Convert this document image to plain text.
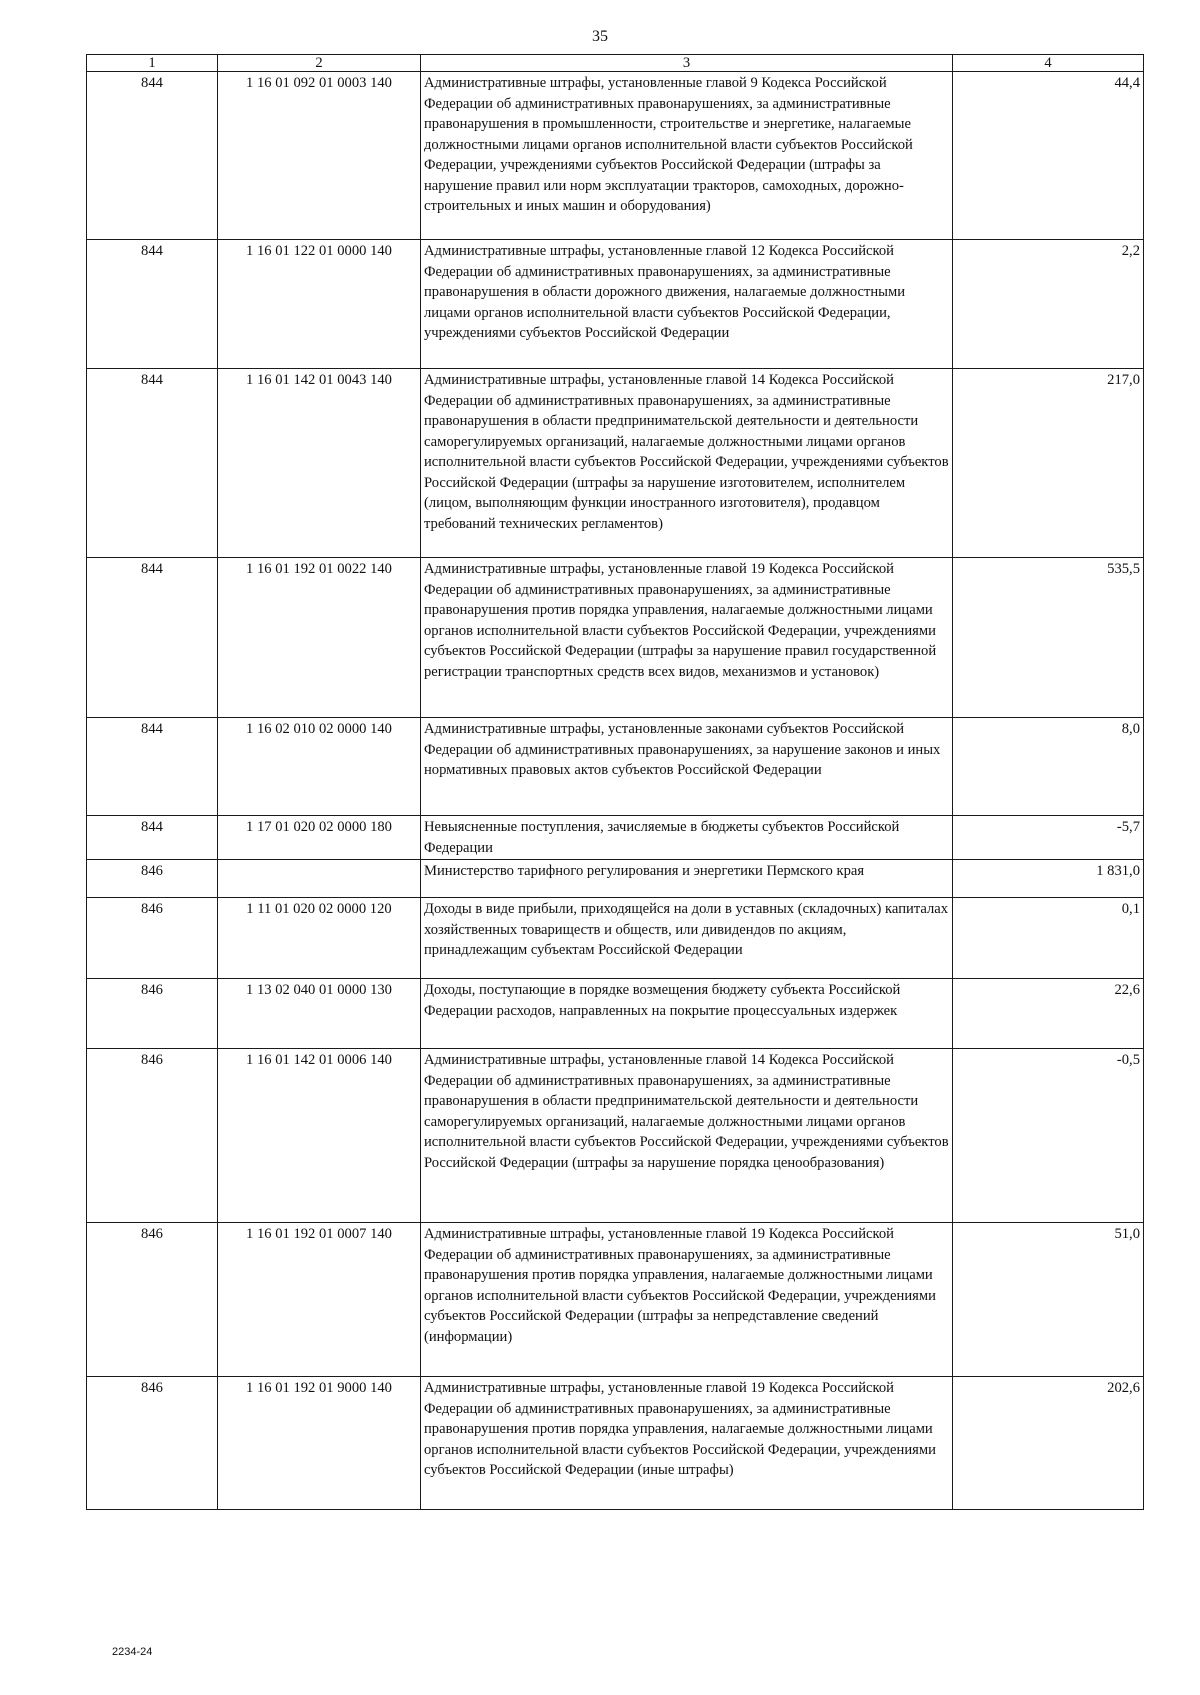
35
1	2	3	4
844	1 16 01 092 01 0003 140	Административные штрафы, установленные главой 9 Кодекса Российской Федерации об административных правонарушениях, за административные правонарушения в промышленности, строительстве и энергетике, налагаемые должностными лицами органов исполнительной власти субъектов Российской Федерации, учреждениями субъектов Российской Федерации (штрафы за нарушение правил или норм эксплуатации тракторов, самоходных, дорожно-строительных и иных машин и оборудования)	44,4
844	1 16 01 122 01 0000 140	Административные штрафы, установленные главой 12 Кодекса Российской Федерации об административных правонарушениях, за административные правонарушения в области дорожного движения, налагаемые должностными лицами органов исполнительной власти субъектов Российской Федерации, учреждениями субъектов Российской Федерации	2,2
844	1 16 01 142 01 0043 140	Административные штрафы, установленные главой 14 Кодекса Российской Федерации об административных правонарушениях, за административные правонарушения в области предпринимательской деятельности и деятельности саморегулируемых организаций, налагаемые должностными лицами органов исполнительной власти субъектов Российской Федерации, учреждениями субъектов Российской Федерации (штрафы за нарушение изготовителем, исполнителем (лицом, выполняющим функции иностранного изготовителя), продавцом требований технических регламентов)	217,0
844	1 16 01 192 01 0022 140	Административные штрафы, установленные главой 19 Кодекса Российской Федерации об административных правонарушениях, за административные правонарушения против порядка управления, налагаемые должностными лицами органов исполнительной власти субъектов Российской Федерации, учреждениями субъектов Российской Федерации (штрафы за нарушение правил государственной регистрации транспортных средств всех видов, механизмов и установок)	535,5
844	1 16 02 010 02 0000 140	Административные штрафы, установленные законами субъектов Российской Федерации об административных правонарушениях, за нарушение законов и иных нормативных правовых актов субъектов Российской Федерации	8,0
844	1 17 01 020 02 0000 180	Невыясненные поступления, зачисляемые в бюджеты субъектов Российской Федерации	-5,7
846		Министерство тарифного регулирования и энергетики Пермского края	1 831,0
846	1 11 01 020 02 0000 120	Доходы в виде прибыли, приходящейся на доли в уставных (складочных) капиталах хозяйственных товариществ и обществ, или дивидендов по акциям, принадлежащим субъектам Российской Федерации	0,1
846	1 13 02 040 01 0000 130	Доходы, поступающие в порядке возмещения бюджету субъекта Российской Федерации расходов, направленных на покрытие процессуальных издержек	22,6
846	1 16 01 142 01 0006 140	Административные штрафы, установленные главой 14 Кодекса Российской Федерации об административных правонарушениях, за административные правонарушения в области предпринимательской деятельности и деятельности саморегулируемых организаций, налагаемые должностными лицами органов исполнительной власти субъектов Российской Федерации, учреждениями субъектов Российской Федерации (штрафы за нарушение порядка ценообразования)	-0,5
846	1 16 01 192 01 0007 140	Административные штрафы, установленные главой 19 Кодекса Российской Федерации об административных правонарушениях, за административные правонарушения против порядка управления, налагаемые должностными лицами органов исполнительной власти субъектов Российской Федерации, учреждениями субъектов Российской Федерации (штрафы за непредставление сведений (информации)	51,0
846	1 16 01 192 01 9000 140	Административные штрафы, установленные главой 19 Кодекса Российской Федерации об административных правонарушениях, за административные правонарушения против порядка управления, налагаемые должностными лицами органов исполнительной власти субъектов Российской Федерации, учреждениями субъектов Российской Федерации (иные штрафы)	202,6
2234-24
